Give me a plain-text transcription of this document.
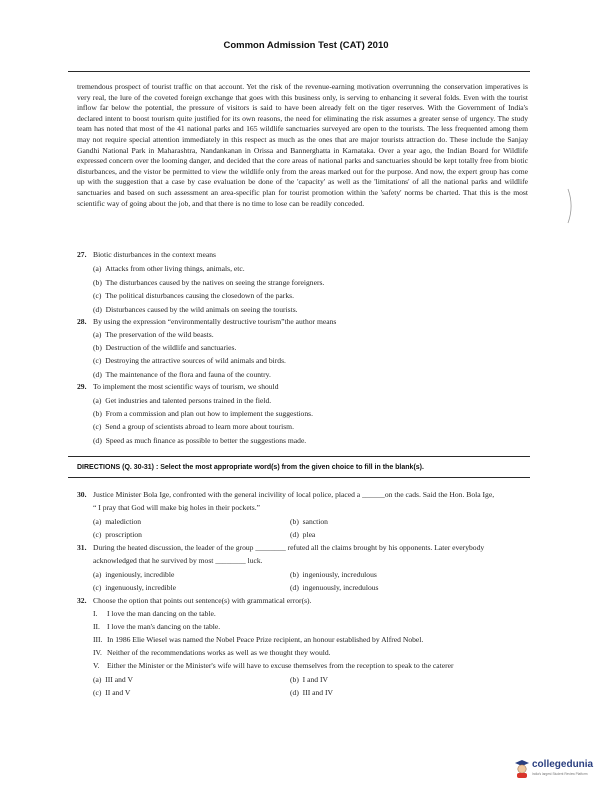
Common Admission Test (CAT) 2010

tremendous prospect of tourist traffic on that account. Yet the risk of the revenue-earning motivation overrunning the conservation imperatives is very real, the lure of the coveted foreign exchange that goes with this business only, is serving to enhancing it several folds. Even with the tourist inflow far below the potential, the pressure of visitors is said to have been already felt on the tiger reserves. With the Government of India's declared intent to boost tourism quite justified for its own reasons, the need for eliminating the risk assumes a greater sense of urgency. The study team has noted that most of the 41 national parks and 165 wildlife sanctuaries surveyed are open to the tourists. The less frequented among them may not require special attention immediately in this respect as much as the ones that are major tourists attraction do. These include the Sanjay Gandhi National Park in Maharashtra, Nandankanan in Orissa and Bannerghatta in Karnataka. Over a year ago, the Indian Board for Wildlife expressed concern over the looming danger, and decided that the core areas of national parks and sanctuaries should be kept totally free from biotic disturbances, and the vistor be permitted to view the wildlife only from the areas marked out for the purpose. And now, the expert group has come up with the suggestion that a case by case evaluation be done of the 'capacity' as well as the 'limitations' of all the national parks and wildlife sanctuaries and based on such assessment an area-specific plan for tourist promotion within the 'safety' norms be charted. That this is the most scientific way of going about the job, and that there is no time to lose can be readily conceded.

27. Biotic disturbances in the context means
(a) Attacks from other living things, animals, etc.
(b) The disturbances caused by the natives on seeing the strange foreigners.
(c) The political disturbances causing the closedown of the parks.
(d) Disturbances caused by the wild animals on seeing the tourists.
28. By using the expression “environmentally destructive tourism”the author means
(a) The preservation of the wild beasts.
(b) Destruction of the wildlife and sanctuaries.
(c) Destroying the attractive sources of wild animals and birds.
(d) The maintenance of the flora and fauna of the country.
29. To implement the most scientific ways of tourism, we should
(a) Get industries and talented persons trained in the field.
(b) From a commission and plan out how to implement the suggestions.
(c) Send a group of scientists abroad to learn more about tourism.
(d) Speed as much finance as possible to better the suggestions made.
DIRECTIONS (Q. 30-31) : Select the most appropriate word(s) from the given choice to fill in the blank(s).
30. Justice Minister Bola Ige, confronted with the general incivility of local police, placed a ______on the cads. Said the Hon. Bola Ige,
“ I pray that God will make big holes in their pockets.”
(a) malediction	(b) sanction
(c) proscription	(d) plea
31. During the heated discussion, the leader of the group ________ refuted all the claims brought by his opponents. Later everybody
acknowledged that he survived by most ________ luck.
(a) ingeniously, incredible	(b) ingeniously, incredulous
(c) ingenuously, incredible	(d) ingenuously, incredulous
32. Choose the option that points out sentence(s) with grammatical error(s).
I. I love the man dancing on the table.
II. I love the man's dancing on the table.
III. In 1986 Elie Wiesel was named the Nobel Peace Prize recipient, an honour established by Alfred Nobel.
IV. Neither of the recommendations works as well as we thought they would.
V. Either the Minister or the Minister's wife will have to excuse themselves from the reception to speak to the caterer
(a) III and V	(b) I and IV
(c) II and V	(d) III and IV
collegedunia
India's largest Student Review Platform
